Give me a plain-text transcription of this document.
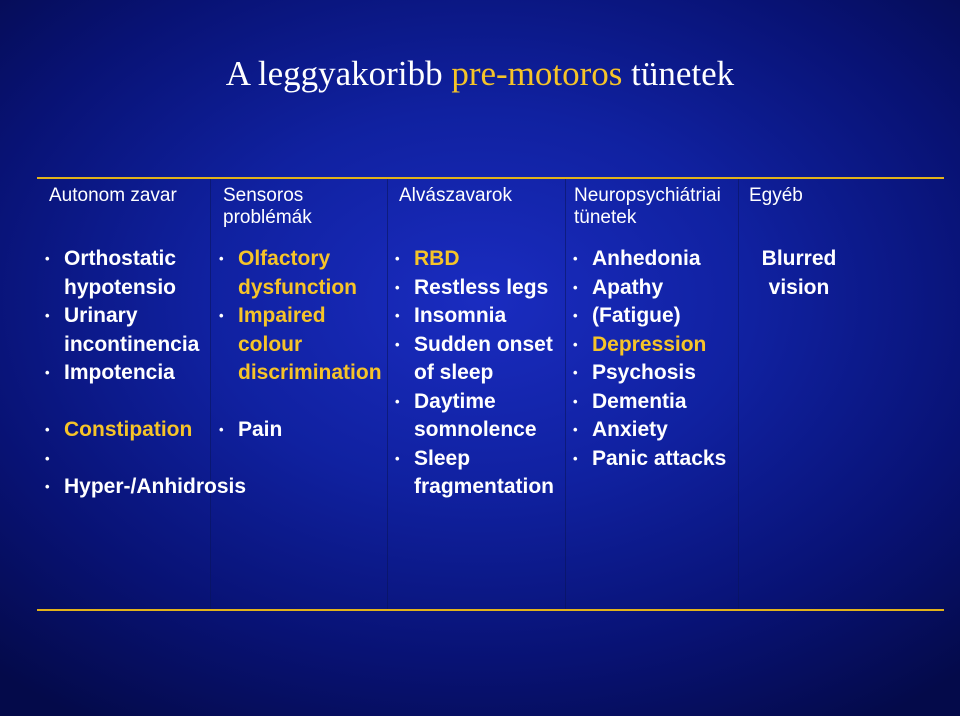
A leggyakoribb pre-motoros tünetek
Autonom zavar
• Orthostatic hypotensio
• Urinary incontinencia
• Impotencia
• Constipation
•
• Hyper-/Anhidrosis
Sensoros problémák
• Olfactory dysfunction
• Impaired colour discrimination
• Pain
Alvászavarok
• RBD
• Restless legs
• Insomnia
• Sudden onset of sleep
• Daytime somnolence
• Sleep fragmentation
Neuropsychiátriai tünetek
• Anhedonia
• Apathy
• (Fatigue)
• Depression
• Psychosis
• Dementia
• Anxiety
• Panic attacks
Egyéb
Blurred vision
